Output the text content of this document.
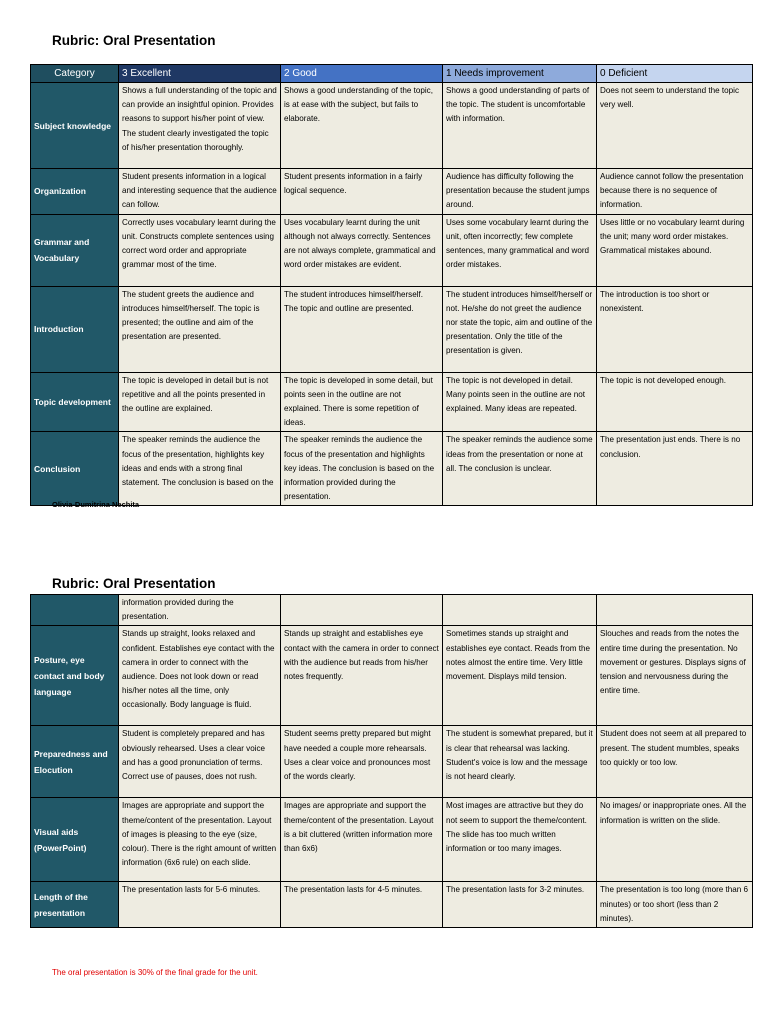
Rubric: Oral Presentation
Category	3 Excellent	2 Good	1 Needs improvement	0 Deficient
Subject knowledge	Shows a full understanding of the topic and can provide an insightful opinion. Provides reasons to support his/her point of view. The student clearly investigated the topic of his/her presentation thoroughly.	Shows a good understanding of the topic, is at ease with the subject, but fails to elaborate.	Shows a good understanding of parts of the topic. The student is uncomfortable with information.	Does not seem to understand the topic very well.
Organization	Student presents information in a logical and interesting sequence that the audience can follow.	Student presents information in a fairly logical sequence.	Audience has difficulty following the presentation because the student jumps around.	Audience cannot follow the presentation because there is no sequence of information.
Grammar and Vocabulary	Correctly uses vocabulary learnt during the unit. Constructs complete sentences using correct word order and appropriate grammar most of the time.	Uses vocabulary learnt during the unit although not always correctly. Sentences are not always complete, grammatical and word order mistakes are evident.	Uses some vocabulary learnt during the unit, often incorrectly; few complete sentences, many grammatical and word order mistakes.	Uses little or no vocabulary learnt during the unit; many word order mistakes. Grammatical mistakes abound.
Introduction	The student greets the audience and introduces himself/herself. The topic is presented; the outline and aim of the presentation are presented.	The student introduces himself/herself. The topic and outline are presented.	The student introduces himself/herself or not. He/she do not greet the audience nor state the topic, aim and outline of the presentation. Only the title of the presentation is given.	The introduction is too short or nonexistent.
Topic development	The topic is developed in detail but is not repetitive and all the points presented in the outline are explained.	The topic is developed in some detail, but points seen in the outline are not explained. There is some repetition of ideas.	The topic is not developed in detail. Many points seen in the outline are not explained. Many ideas are repeated.	The topic is not developed enough.
Conclusion	The speaker reminds the audience the focus of the presentation, highlights key ideas and ends with a strong final statement. The conclusion is based on the	The speaker reminds the audience the focus of the presentation and highlights key ideas. The conclusion is based on the information provided during the presentation.	The speaker reminds the audience some ideas from the presentation or none at all. The conclusion is unclear.	The presentation just ends. There is no conclusion.
Olivia-Dumitrina Nechita
Rubric: Oral Presentation
	information provided during the presentation.			
Posture, eye contact and body language	Stands up straight, looks relaxed and confident. Establishes eye contact with the camera in order to connect with the audience. Does not look down or read his/her notes all the time, only occasionally. Body language is fluid.	Stands up straight and establishes eye contact with the camera in order to connect with the audience but reads from his/her notes frequently.	Sometimes stands up straight and establishes eye contact. Reads from the notes almost the entire time. Very little movement. Displays mild tension.	Slouches and reads from the notes the entire time during the presentation. No movement or gestures. Displays signs of tension and nervousness during the entire time.
Preparedness and Elocution	Student is completely prepared and has obviously rehearsed. Uses a clear voice and has a good pronunciation of terms. Correct use of pauses, does not rush.	Student seems pretty prepared but might have needed a couple more rehearsals. Uses a clear voice and pronounces most of the words clearly.	The student is somewhat prepared, but it is clear that rehearsal was lacking. Student's voice is low and the message is not heard clearly.	Student does not seem at all prepared to present. The student mumbles, speaks too quickly or too low.
Visual aids (PowerPoint)	Images are appropriate and support the theme/content of the presentation. Layout of images is pleasing to the eye (size, colour). There is the right amount of written information (6x6 rule) on each slide.	Images are appropriate and support the theme/content of the presentation. Layout is a bit cluttered (written information more than 6x6)	Most images are attractive but they do not seem to support the theme/content. The slide has too much written information or too many images.	No images/ or inappropriate ones. All the information is written on the slide.
Length of the presentation	The presentation lasts for 5-6 minutes.	The presentation lasts for 4-5 minutes.	The presentation lasts for 3-2 minutes.	The presentation is too long (more than 6 minutes) or too short (less than 2 minutes).
The oral presentation is 30% of the final grade for the unit.
